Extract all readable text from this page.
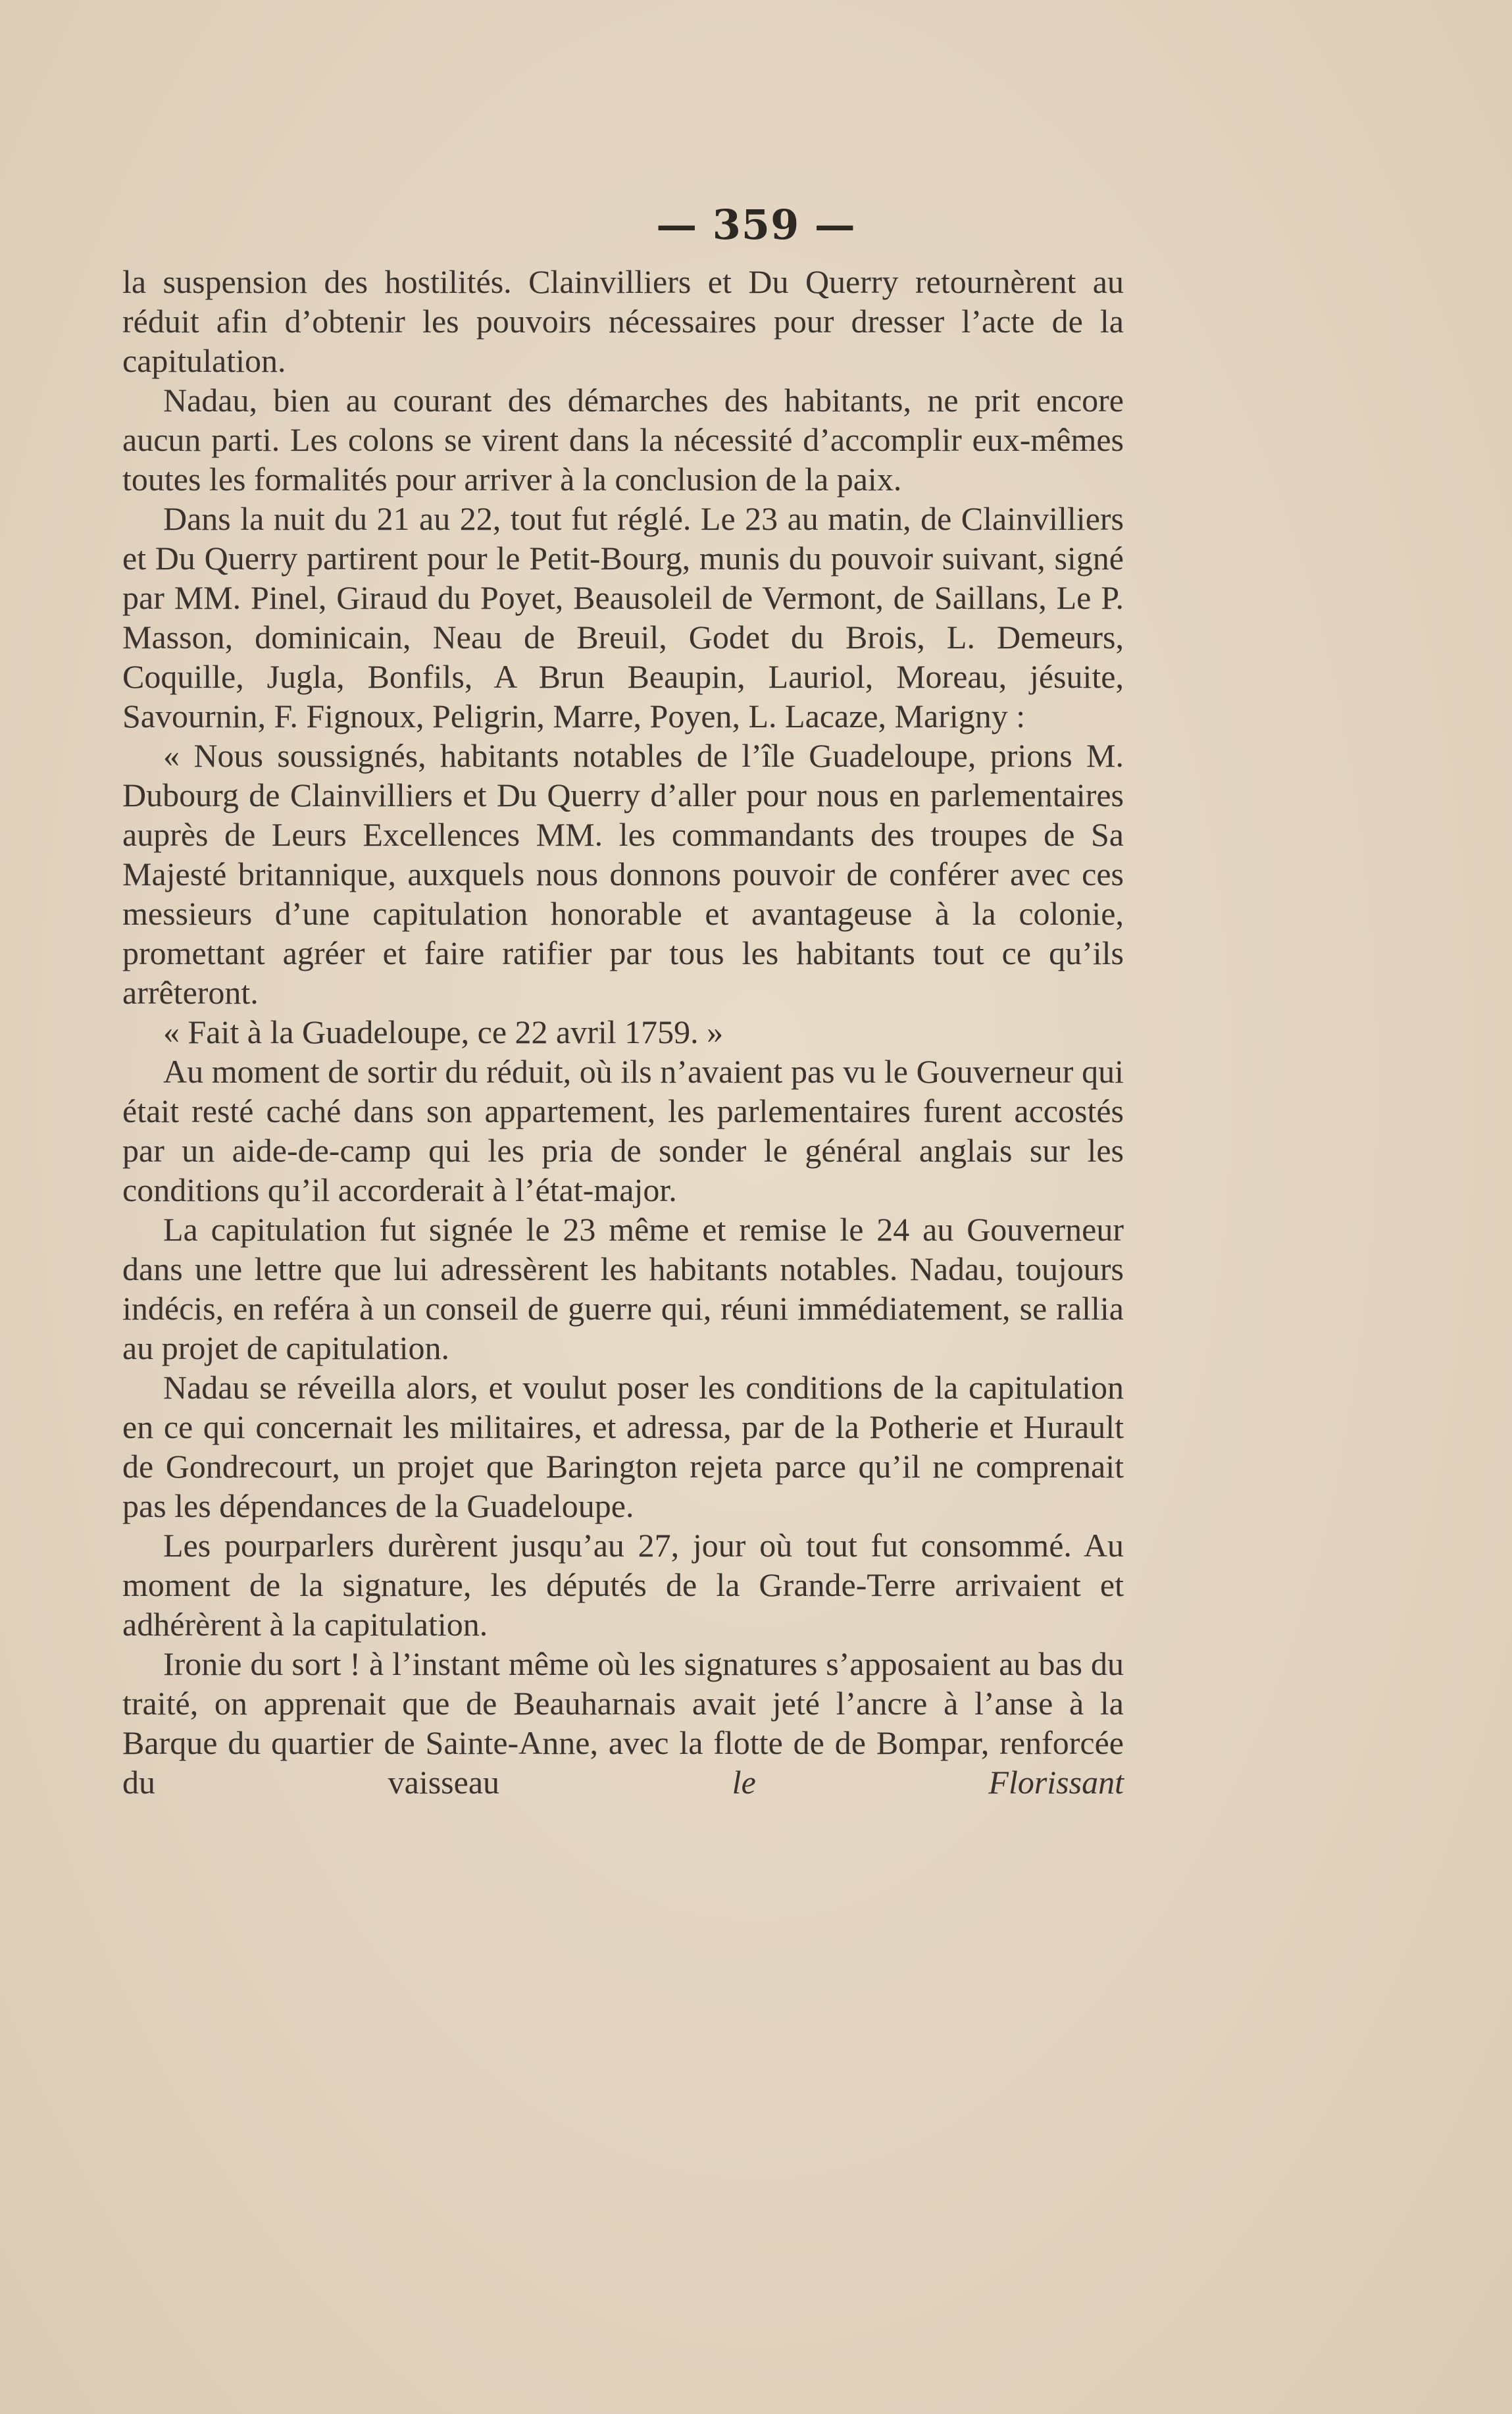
— 359 —

la suspension des hostilités. Clainvilliers et Du Querry retournèrent au réduit afin d’obtenir les pouvoirs nécessaires pour dresser l’acte de la capitulation.

Nadau, bien au courant des démarches des habitants, ne prit encore aucun parti. Les colons se virent dans la nécessité d’accomplir eux-mêmes toutes les formalités pour arriver à la conclusion de la paix.

Dans la nuit du 21 au 22, tout fut réglé. Le 23 au matin, de Clainvilliers et Du Querry partirent pour le Petit-Bourg, munis du pouvoir suivant, signé par MM. Pinel, Giraud du Poyet, Beausoleil de Vermont, de Saillans, Le P. Masson, dominicain, Neau de Breuil, Godet du Brois, L. Demeurs, Coquille, Jugla, Bonfils, A Brun Beaupin, Lauriol, Moreau, jésuite, Savournin, F. Fignoux, Peligrin, Marre, Poyen, L. Lacaze, Marigny :

« Nous soussignés, habitants notables de l’île Guadeloupe, prions M. Dubourg de Clainvilliers et Du Querry d’aller pour nous en parlementaires auprès de Leurs Excellences MM. les commandants des troupes de Sa Majesté britannique, auxquels nous donnons pouvoir de conférer avec ces messieurs d’une capitulation honorable et avantageuse à la colonie, promettant agréer et faire ratifier par tous les habitants tout ce qu’ils arrêteront.

« Fait à la Guadeloupe, ce 22 avril 1759. »

Au moment de sortir du réduit, où ils n’avaient pas vu le Gouverneur qui était resté caché dans son appartement, les parlementaires furent accostés par un aide-de-camp qui les pria de sonder le général anglais sur les conditions qu’il accorderait à l’état-major.

La capitulation fut signée le 23 même et remise le 24 au Gouverneur dans une lettre que lui adressèrent les habitants notables. Nadau, toujours indécis, en reféra à un conseil de guerre qui, réuni immédiatement, se rallia au projet de capitulation.

Nadau se réveilla alors, et voulut poser les conditions de la capitulation en ce qui concernait les militaires, et adressa, par de la Potherie et Hurault de Gondrecourt, un projet que Barington rejeta parce qu’il ne comprenait pas les dépendances de la Guadeloupe.

Les pourparlers durèrent jusqu’au 27, jour où tout fut consommé. Au moment de la signature, les députés de la Grande-Terre arrivaient et adhérèrent à la capitulation.

Ironie du sort ! à l’instant même où les signatures s’apposaient au bas du traité, on apprenait que de Beauharnais avait jeté l’ancre à l’anse à la Barque du quartier de Sainte-Anne, avec la flotte de de Bompar, renforcée du vaisseau	le Florissant
